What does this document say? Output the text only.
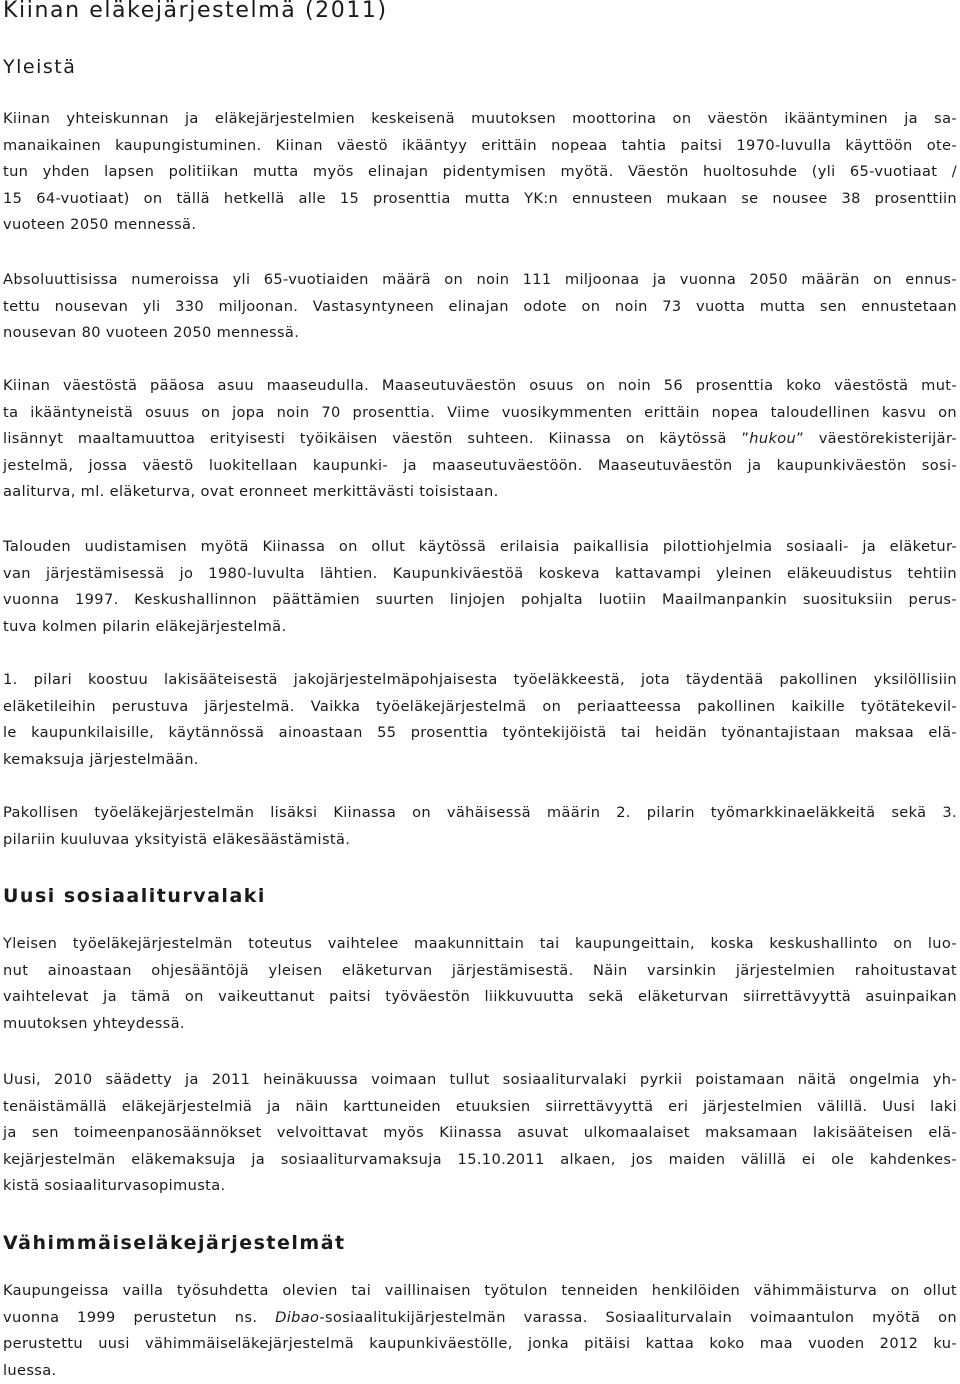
Kiinan eläkejärjestelmä (2011)
Yleistä
Kiinan yhteiskunnan ja eläkejärjestelmien keskeisenä muutoksen moottorina on väestön ikääntyminen ja sa-
manaikainen kaupungistuminen. Kiinan väestö ikääntyy erittäin nopeaa tahtia paitsi 1970-luvulla käyttöön ote-
tun yhden lapsen politiikan mutta myös elinajan pidentymisen myötä. Väestön huoltosuhde (yli 65-vuotiaat /
15 64-vuotiaat) on tällä hetkellä alle 15 prosenttia mutta YK:n ennusteen mukaan se nousee 38 prosenttiin
vuoteen 2050 mennessä.
Absoluuttisissa numeroissa yli 65-vuotiaiden määrä on noin 111 miljoonaa ja vuonna 2050 määrän on ennus-
tettu nousevan yli 330 miljoonan. Vastasyntyneen elinajan odote on noin 73 vuotta mutta sen ennustetaan
nousevan 80 vuoteen 2050 mennessä.
Kiinan väestöstä pääosa asuu maaseudulla. Maaseutuväestön osuus on noin 56 prosenttia koko väestöstä mut-
ta ikääntyneistä osuus on jopa noin 70 prosenttia. Viime vuosikymmenten erittäin nopea taloudellinen kasvu on
lisännyt maaltamuuttoa erityisesti työikäisen väestön suhteen. Kiinassa on käytössä ”hukou” väestörekisterijär-
jestelmä, jossa väestö luokitellaan kaupunki- ja maaseutuväestöön. Maaseutuväestön ja kaupunkiväestön sosi-
aaliturva, ml. eläketurva, ovat eronneet merkittävästi toisistaan.
Talouden uudistamisen myötä Kiinassa on ollut käytössä erilaisia paikallisia pilottiohjelmia sosiaali- ja eläketur-
van järjestämisessä jo 1980-luvulta lähtien. Kaupunkiväestöä koskeva kattavampi yleinen eläkeuudistus tehtiin
vuonna 1997. Keskushallinnon päättämien suurten linjojen pohjalta luotiin Maailmanpankin suosituksiin perus-
tuva kolmen pilarin eläkejärjestelmä.
1. pilari koostuu lakisääteisestä jakojärjestelmäpohjaisesta työeläkkeestä, jota täydentää pakollinen yksilöllisiin
eläketileihin perustuva järjestelmä. Vaikka työeläkejärjestelmä on periaatteessa pakollinen kaikille työtätekevil-
le kaupunkilaisille, käytännössä ainoastaan 55 prosenttia työntekijöistä tai heidän työnantajistaan maksaa elä-
kemaksuja järjestelmään.
Pakollisen työeläkejärjestelmän lisäksi Kiinassa on vähäisessä määrin 2. pilarin työmarkkinaeläkkeitä sekä 3.
pilariin kuuluvaa yksityistä eläkesäästämistä.
Uusi sosiaaliturvalaki
Yleisen työeläkejärjestelmän toteutus vaihtelee maakunnittain tai kaupungeittain, koska keskushallinto on luo-
nut ainoastaan ohjesääntöjä yleisen eläketurvan järjestämisestä. Näin varsinkin järjestelmien rahoitustavat
vaihtelevat ja tämä on vaikeuttanut paitsi työväestön liikkuvuutta sekä eläketurvan siirrettävyyttä asuinpaikan
muutoksen yhteydessä.
Uusi, 2010 säädetty ja 2011 heinäkuussa voimaan tullut sosiaaliturvalaki pyrkii poistamaan näitä ongelmia yh-
tenäistämällä eläkejärjestelmiä ja näin karttuneiden etuuksien siirrettävyyttä eri järjestelmien välillä. Uusi laki
ja sen toimeenpanosäännökset velvoittavat myös Kiinassa asuvat ulkomaalaiset maksamaan lakisääteisen elä-
kejärjestelmän eläkemaksuja ja sosiaaliturvamaksuja 15.10.2011 alkaen, jos maiden välillä ei ole kahdenkes-
kistä sosiaaliturvasopimusta.
Vähimmäiseläkejärjestelmät
Kaupungeissa vailla työsuhdetta olevien tai vaillinaisen työtulon tenneiden henkilöiden vähimmäisturva on ollut
vuonna 1999 perustetun ns. Dibao-sosiaalitukijärjestelmän varassa. Sosiaaliturvalain voimaantulon myötä on
perustettu uusi vähimmäiseläkejärjestelmä kaupunkiväestölle, jonka pitäisi kattaa koko maa vuoden 2012 ku-
luessa.
